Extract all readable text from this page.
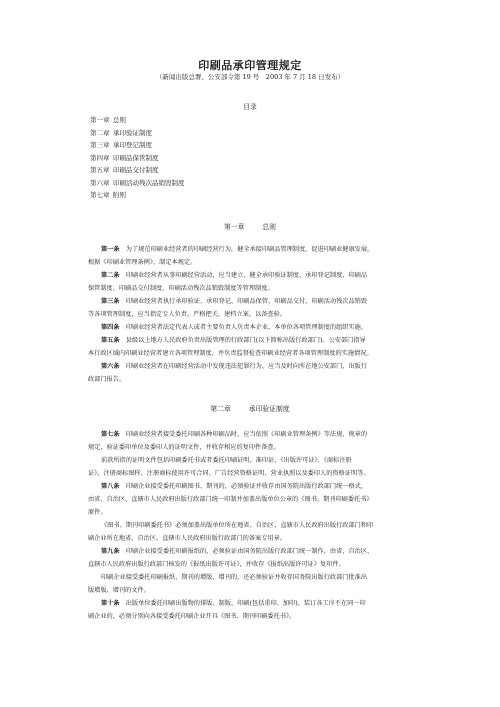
印刷品承印管理规定
（新闻出版总署、公安部令第 19 号　2003 年 7 月 18 日发布）
目录
第一章 总则
第二章 承印验证制度
第三章 承印登记制度
第四章 印刷品保管制度
第五章 印刷品交付制度
第六章 印刷活动残次品销毁制度
第七章 附则
第一章	总则
第一条  为了规范印刷业经营者的印刷经营行为，健全承接印刷品管理制度，促进印刷业健康发展，
根据《印刷业管理条例》，制定本规定。
第二条  印刷业经营者从事印刷经营活动，应当建立、健全承印验证制度、承印登记制度、印刷品
保管制度、印刷品交付制度、印刷活动残次品销毁制度等管理制度。
第三条  印刷业经营者执行承印验证、承印登记、印刷品保管、印刷品交付、印刷活动残次品销毁
等各项管理制度，应当指定专人负责，严格把关，建档立案，以备查验。
第四条  印刷业经营者法定代表人或者主要负责人负责本企业、本单位各项管理制度的组织实施。
第五条  县级以上地方人民政府负责出版管理的行政部门(以下简称出版行政部门)、公安部门指导
本行政区域内印刷业经营者建立各项管理制度，并负责监督检查印刷业经营者各项管理制度的实施情况。
第六条  印刷业经营者在印刷经营活动中发现违法犯罪行为，应当及时向所在地公安部门、出版行
政部门报告。
第二章	承印验证制度
第七条  印刷业经营者接受委托印刷各种印刷品时，应当依照《印刷业管理条例》等法规、规章的
规定，验证委印单位及委印人的证明文件，并收存相应的复印件备查。
前款所指的证明文件包括印刷委托书或者委托印刷证明、准印证、《出版许可证》、《商标注册
证》、注册商标图样、注册商标使用许可合同、广告经营资格证明、营业执照以及委印人的资格证明等。
第八条  印刷企业接受委托印刷图书、期刊的，必须验证并收存由国务院出版行政部门统一格式，
由省、自治区、直辖市人民政府出版行政部门统一印制并加盖出版单位公章的《图书、期刊印刷委托书》
原件。
《图书、期刊印刷委托书》必须加盖出版单位所在地省、自治区、直辖市人民政府出版行政部门和印
刷企业所在地省、自治区、直辖市人民政府出版行政部门的备案专用章。
第九条  印刷企业接受委托印刷报纸的，必须验证由国务院出版行政部门统一制作，由省、自治区、
直辖市人民政府出版行政部门核发的《报纸出版许可证》，并收存《报纸出版许可证》复印件。
印刷企业接受委托印刷报纸、期刊的增版、增刊的，还必须验证并收存国务院出版行政部门批准出
版增版、增刊的文件。
第十条  出版单位委托印刷出版物的排版、制版、印刷(包括重印、加印)、装订各工序不在同一印
刷企业的，必须分别向各接受委托印刷企业开具《图书、期刊印刷委托书》。
